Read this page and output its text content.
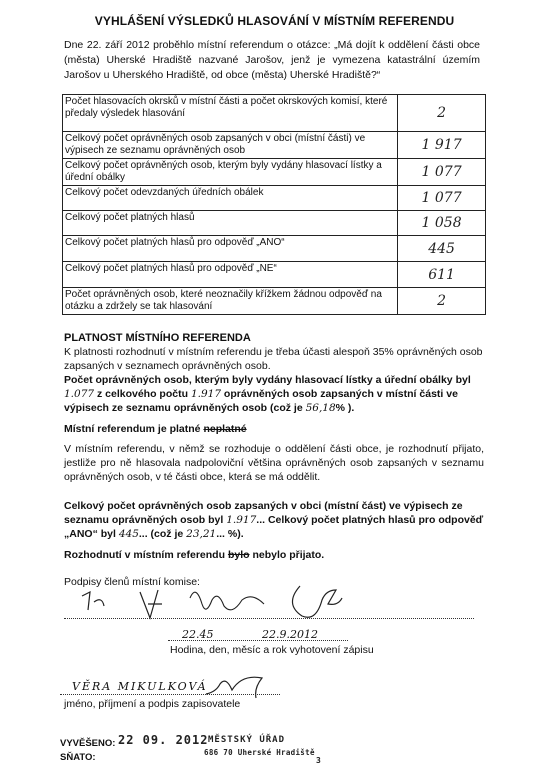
VYHLÁŠENÍ VÝSLEDKŮ HLASOVÁNÍ V MÍSTNÍM REFERENDU
Dne 22. září 2012 proběhlo místní referendum o otázce: „Má dojít k oddělení části obce (města) Uherské Hradiště nazvané Jarošov, jenž je vymezena katastrální územím Jarošov u Uherského Hradiště, od obce (města) Uherské Hradiště?“
Počet hlasovacích okrsků v místní části a počet okrskových komisí, které předaly výsledek hlasování	2
Celkový počet oprávněných osob zapsaných v obci (místní části) ve výpisech ze seznamu oprávněných osob	1 917
Celkový počet oprávněných osob, kterým byly vydány hlasovací lístky a úřední obálky	1 077
Celkový počet odevzdaných úředních obálek	1 077
Celkový počet platných hlasů	1 058
Celkový počet platných hlasů pro odpověď „ANO“	445
Celkový počet platných hlasů pro odpověď „NE“	611
Počet oprávněných osob, které neoznačily křížkem žádnou odpověď na otázku a zdržely se tak hlasování	2
PLATNOST MÍSTNÍHO REFERENDA
K platnosti rozhodnutí v místním referendu je třeba účasti alespoň 35% oprávněných osob zapsaných v seznamech oprávněných osob.
Počet oprávněných osob, kterým byly vydány hlasovací lístky a úřední obálky byl 1.077 z celkového počtu 1.917 oprávněných osob zapsaných v místní části ve výpisech ze seznamu oprávněných osob (což je 56,18% ).
Místní referendum je platné neplatné
V místním referendu, v němž se rozhoduje o oddělení části obce, je rozhodnutí přijato, jestliže pro ně hlasovala nadpoloviční většina oprávněných osob zapsaných v seznamu oprávněných osob, v té části obce, která se má oddělit.
Celkový počet oprávněných osob zapsaných v obci (místní část) ve výpisech ze seznamu oprávněných osob byl 1.917... Celkový počet platných hlasů pro odpověď „ANO“ byl 445... (což je 23,21... %).
Rozhodnutí v místním referendu bylo nebylo přijato.
Podpisy členů místní komise:
22.45	22.9.2012
Hodina, den, měsíc a rok vyhotovení zápisu
VĚRA MIKULKOVÁ
jméno, příjmení a podpis zapisovatele
VYVĚŠENO: 22 09. 2012
SŇATO:
MĚSTSKÝ ÚŘAD
686 70 Uherské Hradiště
3
